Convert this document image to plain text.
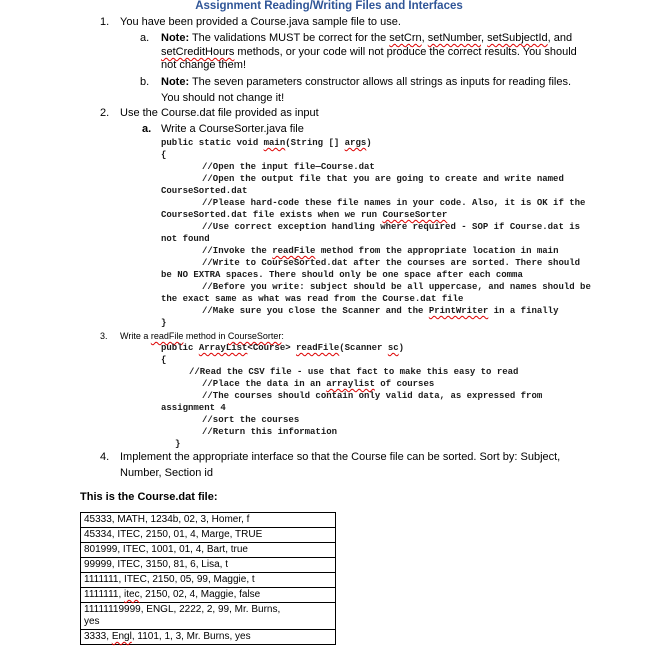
Assignment Reading/Writing Files and Interfaces
1. You have been provided a Course.java sample file to use.
a. Note: The validations MUST be correct for the setCrn, setNumber, setSubjectId, and
setCreditHours methods, or your code will not produce the correct results. You should
not change them!
b. Note: The seven parameters constructor allows all strings as inputs for reading files.
You should not change it!
2. Use the Course.dat file provided as input
a. Write a CourseSorter.java file
public static void main(String [] args)
{
//Open the input file—Course.dat
//Open the output file that you are going to create and write named
CourseSorted.dat
//Please hard-code these file names in your code. Also, it is OK if the
CourseSorted.dat file exists when we run CourseSorter
//Use correct exception handling where required - SOP if Course.dat is
not found
//Invoke the readFile method from the appropriate location in main
//Write to CourseSorted.dat after the courses are sorted. There should
be NO EXTRA spaces. There should only be one space after each comma
//Before you write: subject should be all uppercase, and names should be
the exact same as what was read from the Course.dat file
//Make sure you close the Scanner and the PrintWriter in a finally
}
3. Write a readFile method in CourseSorter:
public ArrayList<Course> readFile(Scanner sc)
{
//Read the CSV file - use that fact to make this easy to read
//Place the data in an arraylist of courses
//The courses should contain only valid data, as expressed from
assignment 4
//sort the courses
//Return this information
}
4. Implement the appropriate interface so that the Course file can be sorted. Sort by: Subject,
Number, Section id
This is the Course.dat file:
45333, MATH, 1234b, 02, 3, Homer, f
45334, ITEC, 2150, 01, 4, Marge, TRUE
801999, ITEC, 1001, 01, 4, Bart, true
99999, ITEC, 3150, 81, 6, Lisa, t
1111111, ITEC, 2150, 05, 99, Maggie, t
1111111, itec, 2150, 02, 4, Maggie, false
11111119999, ENGL, 2222, 2, 99, Mr. Burns,
yes
3333, Engl, 1101, 1, 3, Mr. Burns, yes
